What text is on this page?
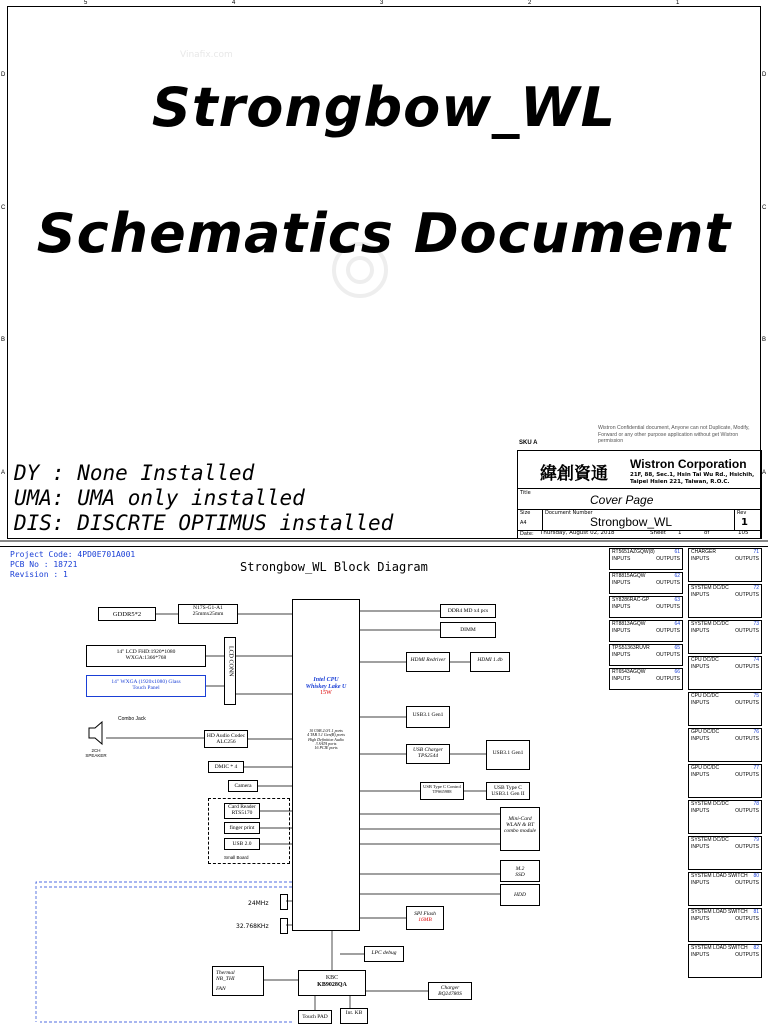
5	4	3	2	1
D
C
B
A
D
C
B
A
Vinafix.com
Strongbow_WL
Schematics Document
DY : None Installed
UMA: UMA only installed
DIS: DISCRTE OPTIMUS installed
Wistron Confidential document, Anyone can not Duplicate, Modify, Forward or any other purpose application without get Wistron permission
SKU A
緯創資通 Wistron Corporation
21F, 88, Sec.1, Hsin Tai Wu Rd., Hsichih,
Taipei Hsien 221, Taiwan, R.O.C.
Title	Cover Page
Size
A4
Document Number
Strongbow_WL
Rev
1
Date: Thursday, August 02, 2018	Sheet 1	of	105
Project Code: 4PD0E701A001
PCB No : 18721
Revision : 1
Strongbow_WL Block Diagram
Intel CPU
Whiskey Lake U
15W
10 USB 2.0/1.1 ports
4 TAB 3.1 Gen(B) ports
High Definition Audio
3 SATA ports
16 PCIE ports
GDDR5*2
N17S-G1-A1
25mmx25mm
14" LCD FHD:1920*1080
WXGA:1366*768
14" WXGA (1920x1080) Glass
Touch Panel
LCD CONN
Combo Jack
2CH SPEAKER
HD Audio Codec
ALC256
DMIC * 4
Camera
Card Reader
RTS5170
finger print
USB 2.0
Small Board
24MHz
32.768KHz
DDR4 MD x4 pcs
DIMM
HDMI Redriver	HDMI 1.4b
USB3.1 Gen1
USB Charger
TPS2544
USB3.1 Gen1
USB Type C Control
TPS65988
USB Type C
USB3.1 Gen II
Mini-Card
WLAN & BT
combo module
M.2
SSD
HDD
SPI Flash
16MB
LPC debug
KBC
KB9028QA
Thermal
NB_THI
FAN	Charger
BQ24780S
Touch PAD
Int. KB
RT5651AZGQW(8)	61
INPUTS	OUTPUTS
RT8815AGQW	62
INPUTS	OUTPUTS
SY8286RAC-GP	63
INPUTS	OUTPUTS
RT8813AGQW	64
INPUTS	OUTPUTS
TPS51363RUVR	65
INPUTS	OUTPUTS
RT6543AGQW	66
INPUTS	OUTPUTS
CHARGER	71
INPUTS	OUTPUTS
SYSTEM DC/DC	72
INPUTS	OUTPUTS
SYSTEM DC/DC	73
INPUTS	OUTPUTS
CPU DC/DC	74
INPUTS	OUTPUTS
CPU DC/DC	75
INPUTS	OUTPUTS
GPU DC/DC	76
INPUTS	OUTPUTS
GPU DC/DC	77
INPUTS	OUTPUTS
SYSTEM DC/DC	78
INPUTS	OUTPUTS
SYSTEM DC/DC	79
INPUTS	OUTPUTS
SYSTEM LOAD SWITCH 80
INPUTS	OUTPUTS
SYSTEM LOAD SWITCH 81
INPUTS	OUTPUTS
SYSTEM LOAD SWITCH 82
INPUTS	OUTPUTS
